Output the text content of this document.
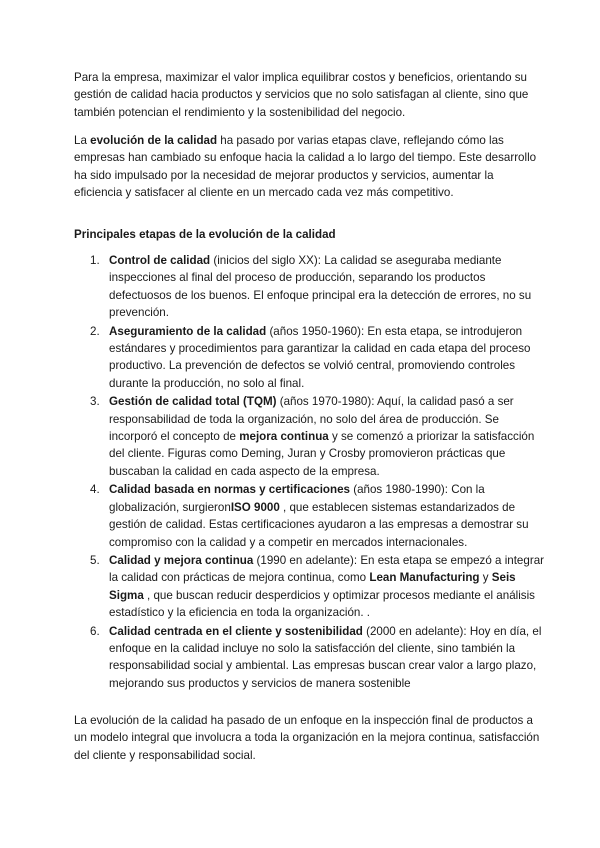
Para la empresa, maximizar el valor implica equilibrar costos y beneficios, orientando su gestión de calidad hacia productos y servicios que no solo satisfagan al cliente, sino que también potencian el rendimiento y la sostenibilidad del negocio.

La evolución de la calidad ha pasado por varias etapas clave, reflejando cómo las empresas han cambiado su enfoque hacia la calidad a lo largo del tiempo. Este desarrollo ha sido impulsado por la necesidad de mejorar productos y servicios, aumentar la eficiencia y satisfacer al cliente en un mercado cada vez más competitivo.

Principales etapas de la evolución de la calidad

1. Control de calidad (inicios del siglo XX): La calidad se aseguraba mediante inspecciones al final del proceso de producción, separando los productos defectuosos de los buenos. El enfoque principal era la detección de errores, no su prevención.
2. Aseguramiento de la calidad (años 1950-1960): En esta etapa, se introdujeron estándares y procedimientos para garantizar la calidad en cada etapa del proceso productivo. La prevención de defectos se volvió central, promoviendo controles durante la producción, no solo al final.
3. Gestión de calidad total (TQM) (años 1970-1980): Aquí, la calidad pasó a ser responsabilidad de toda la organización, no solo del área de producción. Se incorporó el concepto de mejora continua y se comenzó a priorizar la satisfacción del cliente. Figuras como Deming, Juran y Crosby promovieron prácticas que buscaban la calidad en cada aspecto de la empresa.
4. Calidad basada en normas y certificaciones (años 1980-1990): Con la globalización, surgieronISO 9000 , que establecen sistemas estandarizados de gestión de calidad. Estas certificaciones ayudaron a las empresas a demostrar su compromiso con la calidad y a competir en mercados internacionales.
5. Calidad y mejora continua (1990 en adelante): En esta etapa se empezó a integrar la calidad con prácticas de mejora continua, como Lean Manufacturing y Seis Sigma , que buscan reducir desperdicios y optimizar procesos mediante el análisis estadístico y la eficiencia en toda la organización. .
6. Calidad centrada en el cliente y sostenibilidad (2000 en adelante): Hoy en día, el enfoque en la calidad incluye no solo la satisfacción del cliente, sino también la responsabilidad social y ambiental. Las empresas buscan crear valor a largo plazo, mejorando sus productos y servicios de manera sostenible

La evolución de la calidad ha pasado de un enfoque en la inspección final de productos a un modelo integral que involucra a toda la organización en la mejora continua, satisfacción del cliente y responsabilidad social.
